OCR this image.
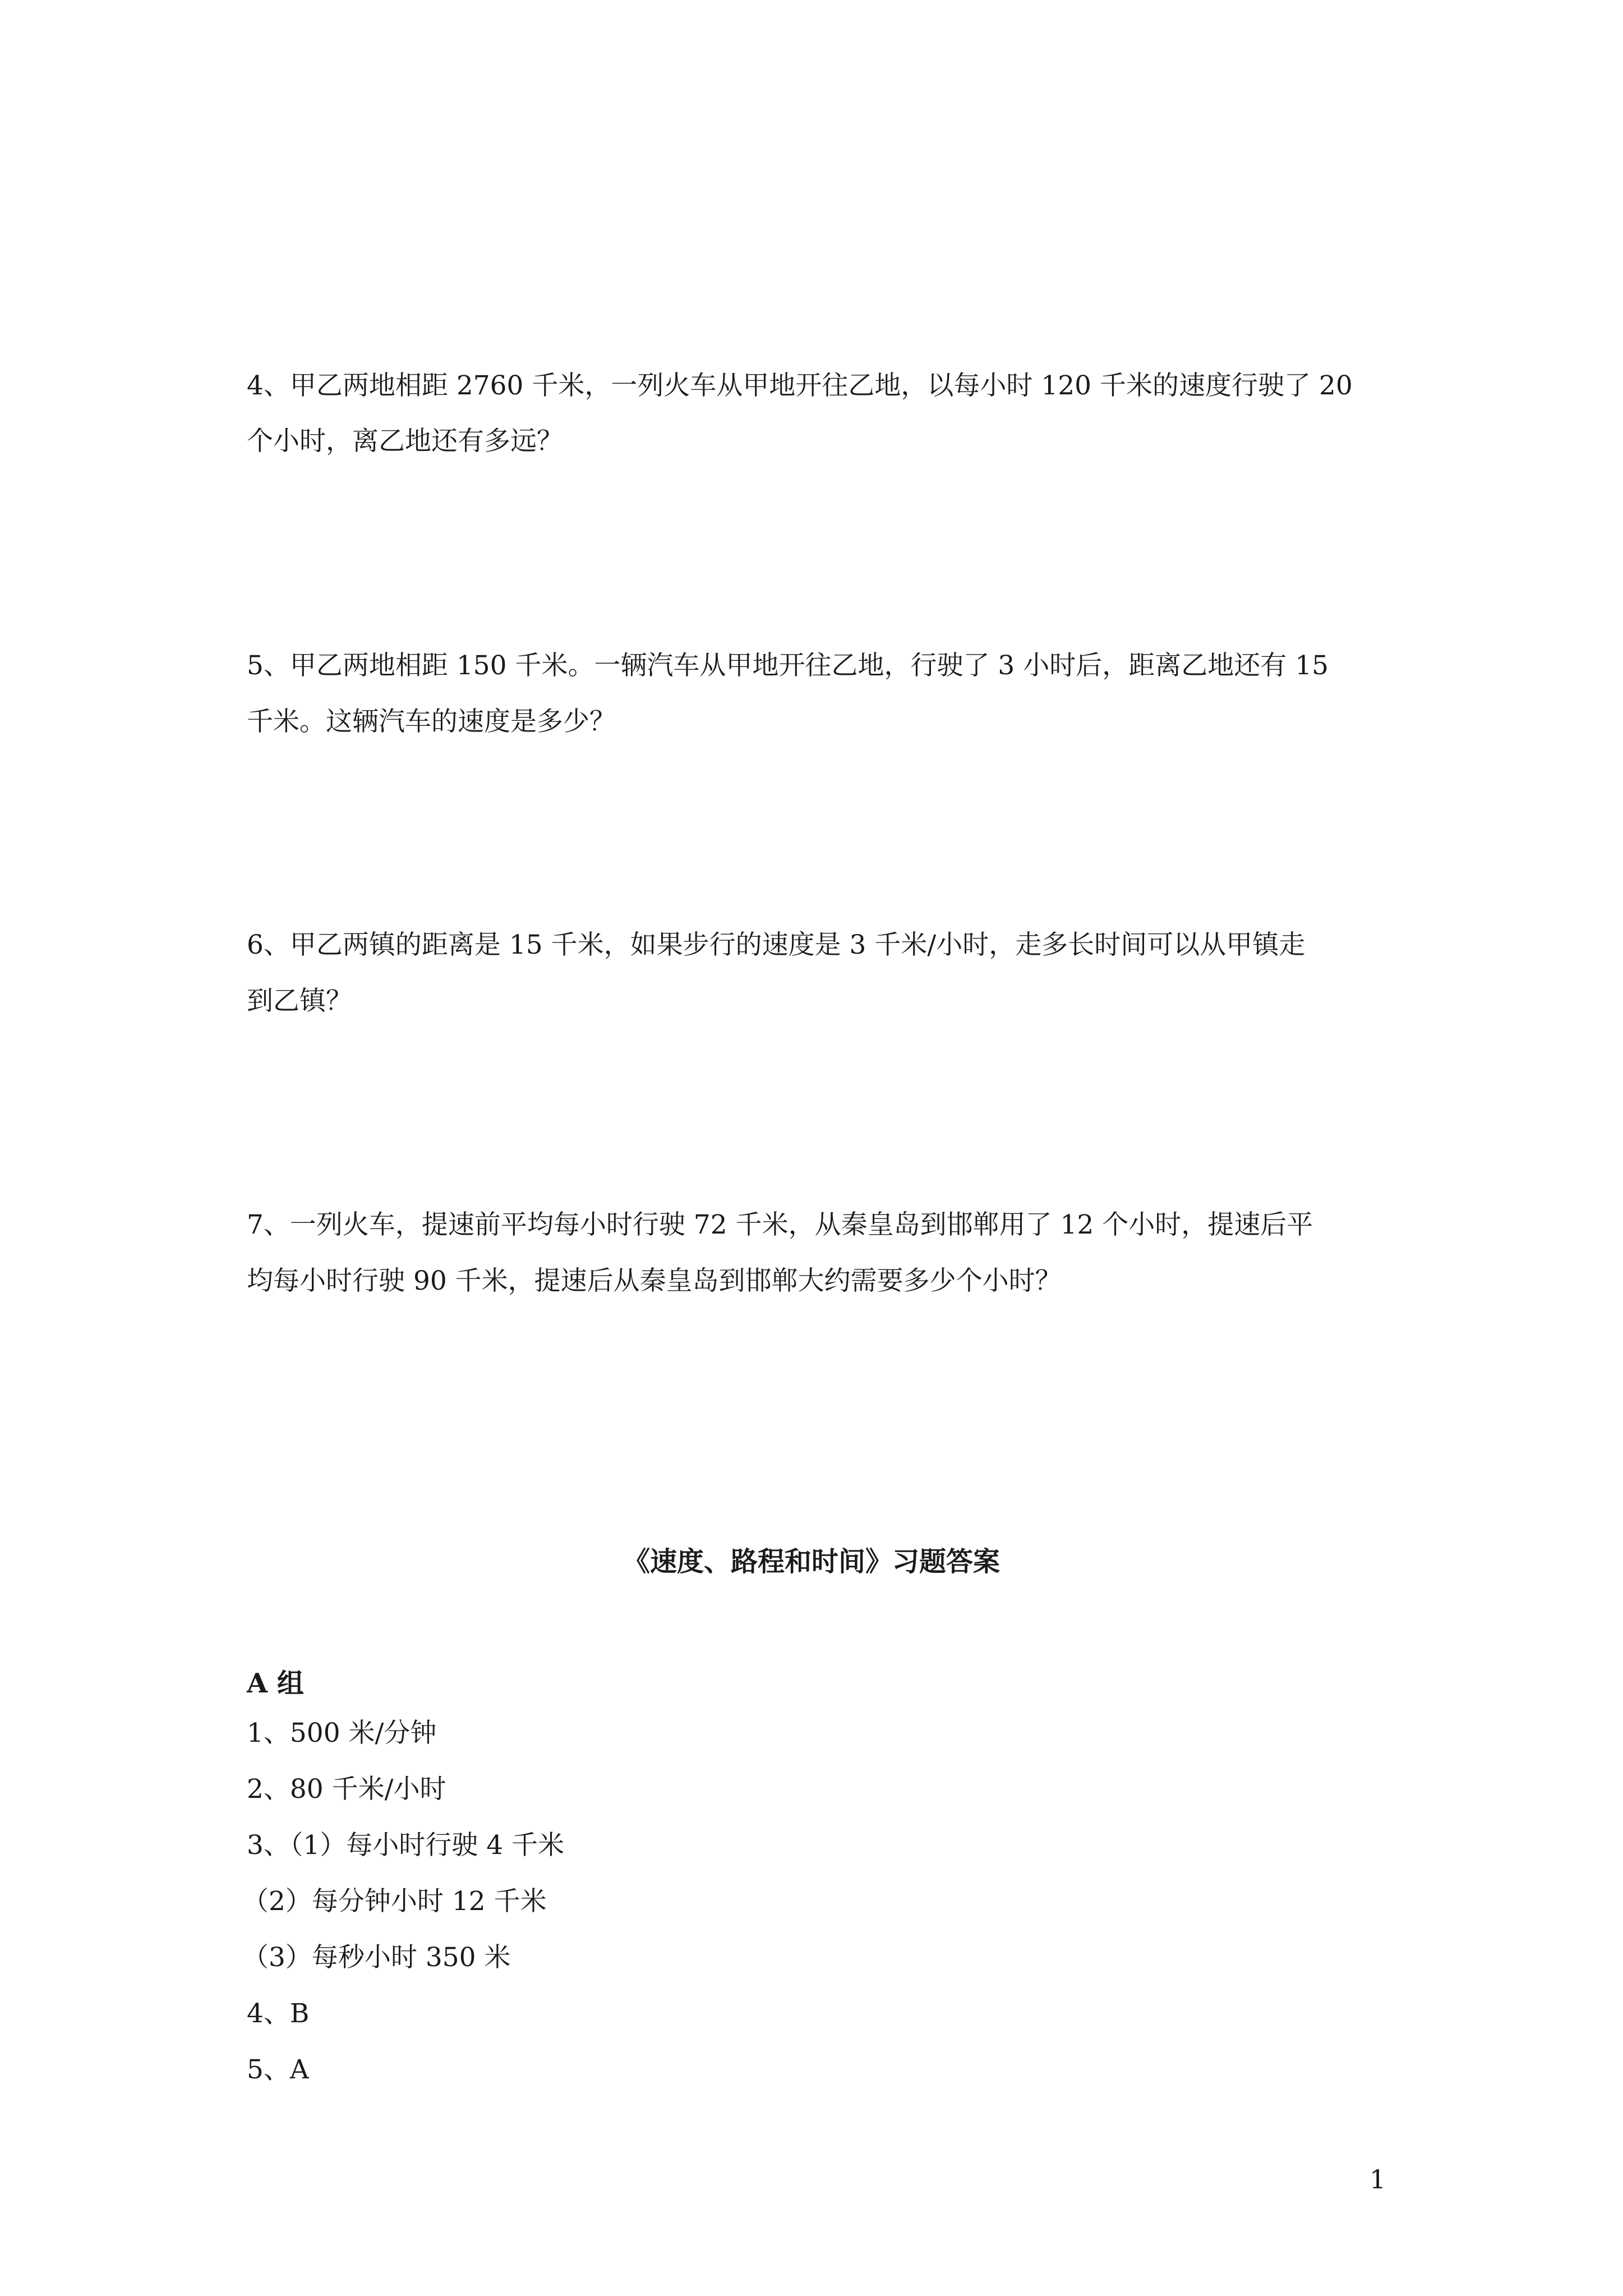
4、甲乙两地相距 2760 千米，一列火车从甲地开往乙地，以每小时 120 千米的速度行驶了 20
个小时，离乙地还有多远？
5、甲乙两地相距 150 千米。一辆汽车从甲地开往乙地，行驶了 3 小时后，距离乙地还有 15
千米。这辆汽车的速度是多少？
6、甲乙两镇的距离是 15 千米，如果步行的速度是 3 千米/小时，走多长时间可以从甲镇走
到乙镇？
7、一列火车，提速前平均每小时行驶 72 千米，从秦皇岛到邯郸用了 12 个小时，提速后平
均每小时行驶 90 千米，提速后从秦皇岛到邯郸大约需要多少个小时？
《速度、路程和时间》习题答案
A 组
1、500 米/分钟
2、80 千米/小时
3、（1）每小时行驶 4 千米
（2）每分钟小时 12 千米
（3）每秒小时 350 米
4、B
5、A
1
